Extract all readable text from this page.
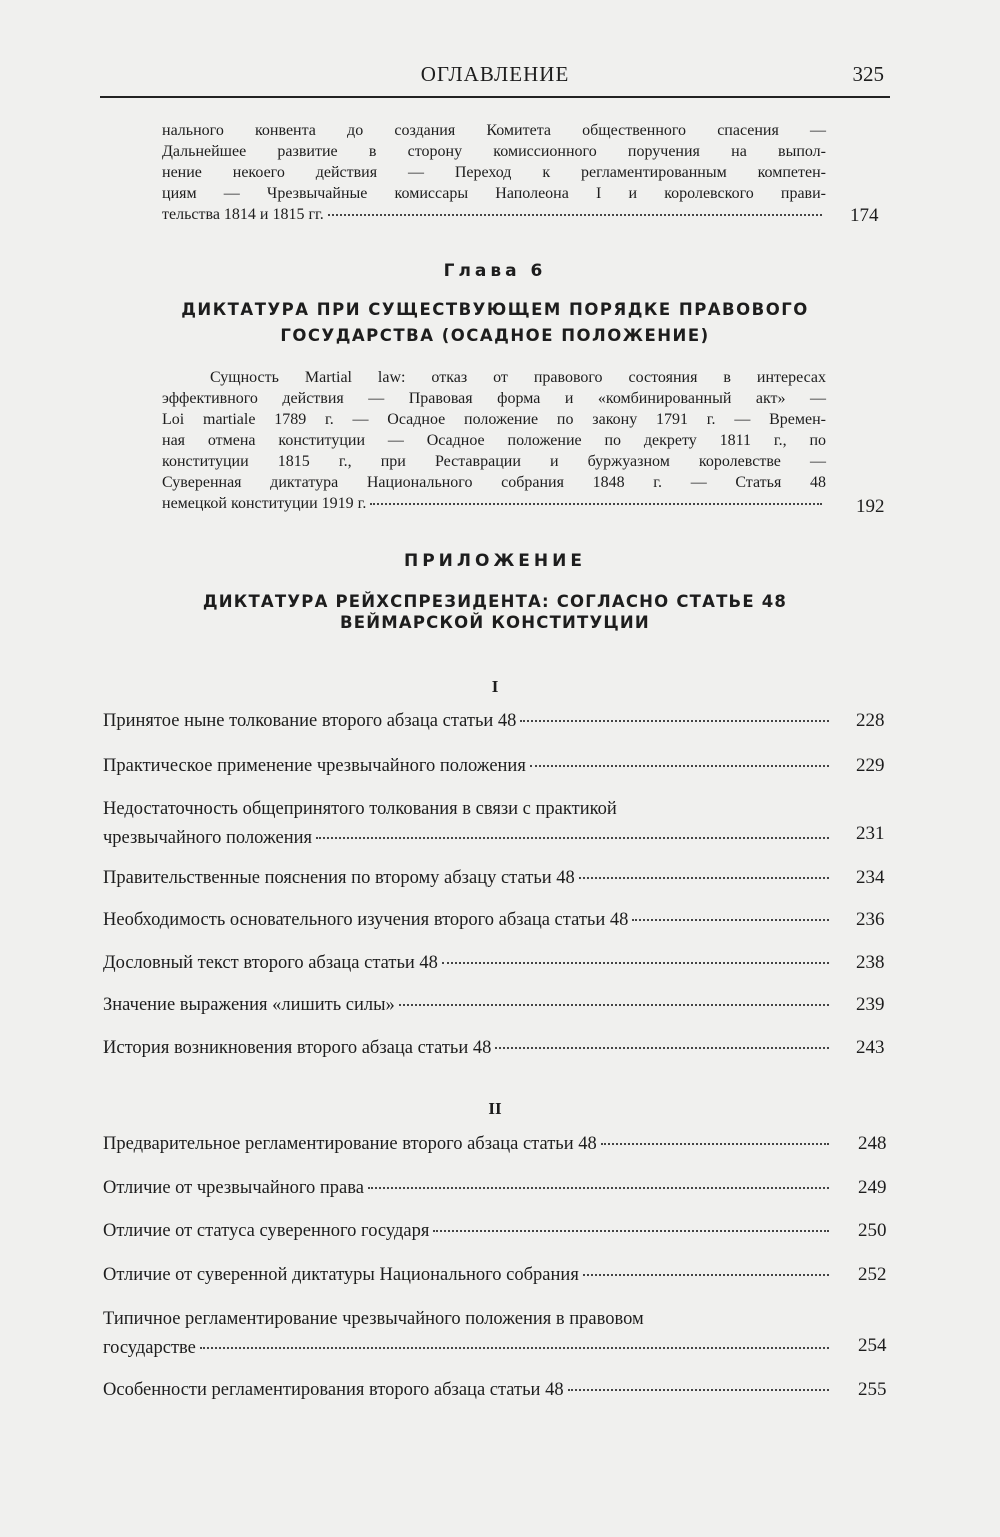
ОГЛАВЛЕНИЕ	325
нального конвента до создания Комитета общественного спасения —
Дальнейшее развитие в сторону комиссионного поручения на выпол-
нение некоего действия — Переход к регламентированным компетен-
циям — Чрезвычайные комиссары Наполеона I и королевского прави-
тельства 1814 и 1815 гг.	174
Глава 6
ДИКТАТУРА ПРИ СУЩЕСТВУЮЩЕМ ПОРЯДКЕ ПРАВОВОГО
ГОСУДАРСТВА (ОСАДНОЕ ПОЛОЖЕНИЕ)
Сущность Martial law: отказ от правового состояния в интересах
эффективного действия — Правовая форма и «комбинированный акт» —
Loi martiale 1789 г. — Осадное положение по закону 1791 г. — Времен-
ная отмена конституции — Осадное положение по декрету 1811 г., по
конституции 1815 г., при Реставрации и буржуазном королевстве —
Суверенная диктатура Национального собрания 1848 г. — Статья 48
немецкой конституции 1919 г.	192
ПРИЛОЖЕНИЕ
ДИКТАТУРА РЕЙХСПРЕЗИДЕНТА: СОГЛАСНО СТАТЬЕ 48
ВЕЙМАРСКОЙ КОНСТИТУЦИИ
I
Принятое ныне толкование второго абзаца статьи 48	228
Практическое применение чрезвычайного положения	229
Недостаточность общепринятого толкования в связи с практикой
чрезвычайного положения	231
Правительственные пояснения по второму абзацу статьи 48	234
Необходимость основательного изучения второго абзаца статьи 48	236
Дословный текст второго абзаца статьи 48	238
Значение выражения «лишить силы»	239
История возникновения второго абзаца статьи 48	243
II
Предварительное регламентирование второго абзаца статьи 48	248
Отличие от чрезвычайного права	249
Отличие от статуса суверенного государя	250
Отличие от суверенной диктатуры Национального собрания	252
Типичное регламентирование чрезвычайного положения в правовом
государстве	254
Особенности регламентирования второго абзаца статьи 48	255
